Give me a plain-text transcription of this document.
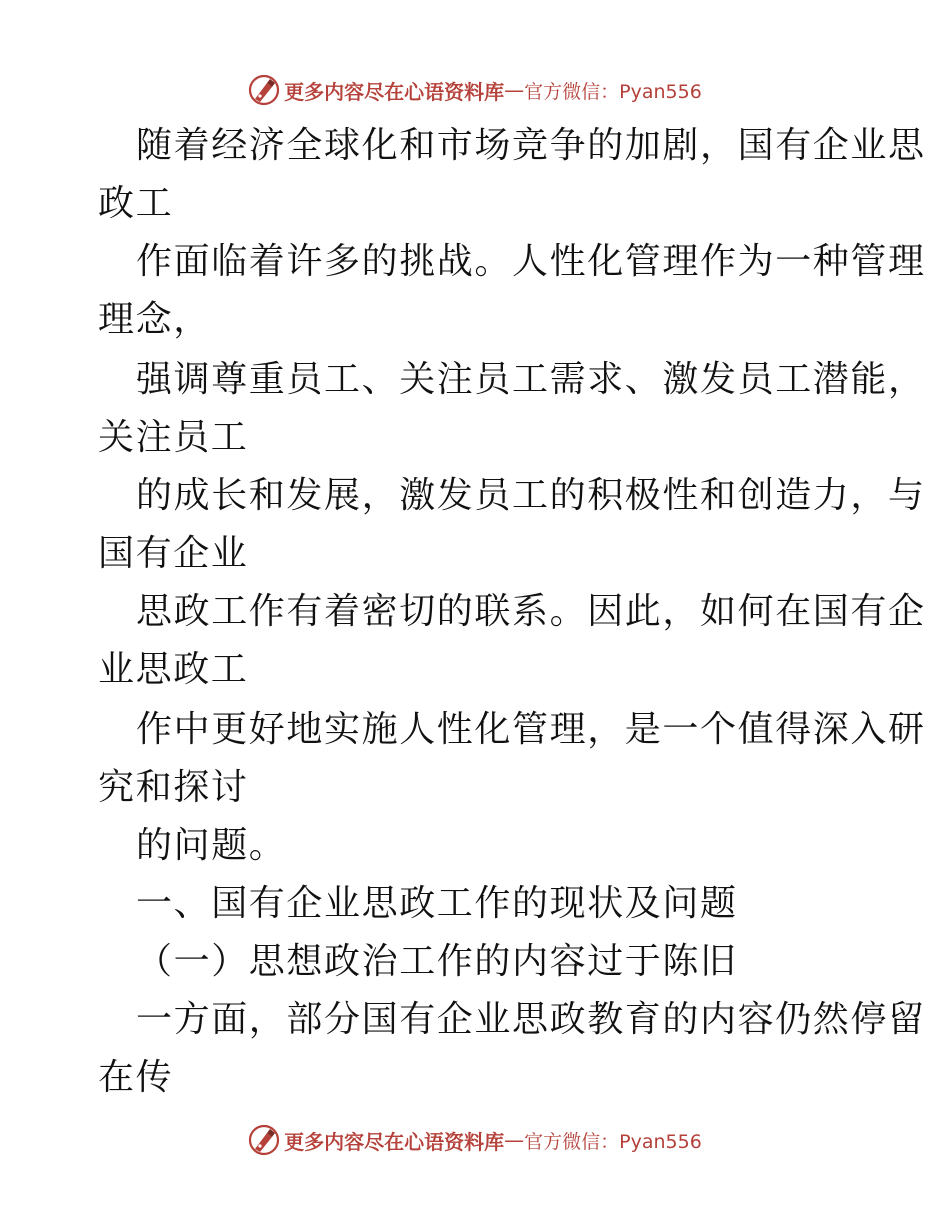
更多内容尽在心语资料库 — 官方微信：Pyan556
随着经济全球化和市场竞争的加剧，国有企业思
政工
作面临着许多的挑战。人性化管理作为一种管理
理念，
强调尊重员工、关注员工需求、激发员工潜能，
关注员工
的成长和发展，激发员工的积极性和创造力，与
国有企业
思政工作有着密切的联系。因此，如何在国有企
业思政工
作中更好地实施人性化管理，是一个值得深入研
究和探讨
的问题。
一、国有企业思政工作的现状及问题
（一）思想政治工作的内容过于陈旧
一方面，部分国有企业思政教育的内容仍然停留
在传
更多内容尽在心语资料库 — 官方微信：Pyan556
